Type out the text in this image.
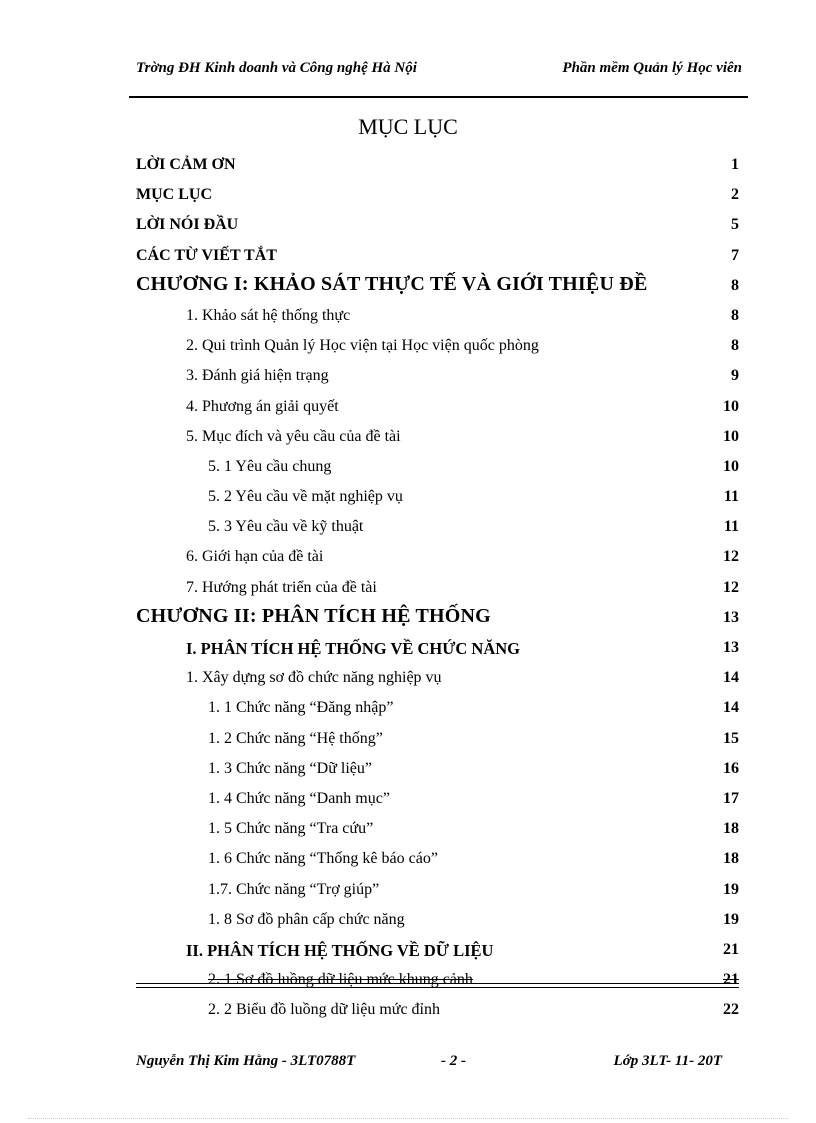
Trờng ĐH Kinh doanh và Công nghệ Hà Nội	Phần mềm Quản lý Học viên
MỤC LỤC
LỜI CẢM ƠN	1
MỤC LỤC	2
LỜI NÓI ĐẦU	5
CÁC TỪ VIẾT TẮT	7
CHƯƠNG I: KHẢO SÁT THỰC TẾ VÀ GIỚI THIỆU ĐỀ	8
1. Khảo sát hệ thống thực	8
2. Qui trình Quản lý Học viện tại Học viện quốc phòng	8
3. Đánh giá hiện trạng	9
4. Phương án giải quyết	10
5. Mục đích và yêu cầu của đề tài	10
5. 1 Yêu cầu chung	10
5. 2 Yêu cầu về mặt nghiệp vụ	11
5. 3 Yêu cầu về kỹ thuật	11
6. Giới hạn của đề tài	12
7. Hướng phát triển của đề tài	12
CHƯƠNG II: PHÂN TÍCH HỆ THỐNG	13
I. PHÂN TÍCH HỆ THỐNG VỀ CHỨC NĂNG	13
1. Xây dựng sơ đồ chức năng nghiệp vụ	14
1. 1 Chức năng “Đăng nhập”	14
1. 2 Chức năng “Hệ thống”	15
1. 3 Chức năng “Dữ liệu”	16
1. 4 Chức năng “Danh mục”	17
1. 5 Chức năng “Tra cứu”	18
1. 6 Chức năng “Thống kê báo cáo”	18
1.7. Chức năng “Trợ giúp”	19
1. 8 Sơ đồ phân cấp chức năng	19
II. PHÂN TÍCH HỆ THỐNG VỀ DỮ LIỆU	21
2. 1 Sơ đồ luồng dữ liệu mức khung cảnh	21
2. 2 Biểu đồ luồng dữ liệu mức đỉnh	22
Nguyễn Thị Kim Hằng - 3LT0788T	- 2 -	Lớp 3LT- 11- 20T
